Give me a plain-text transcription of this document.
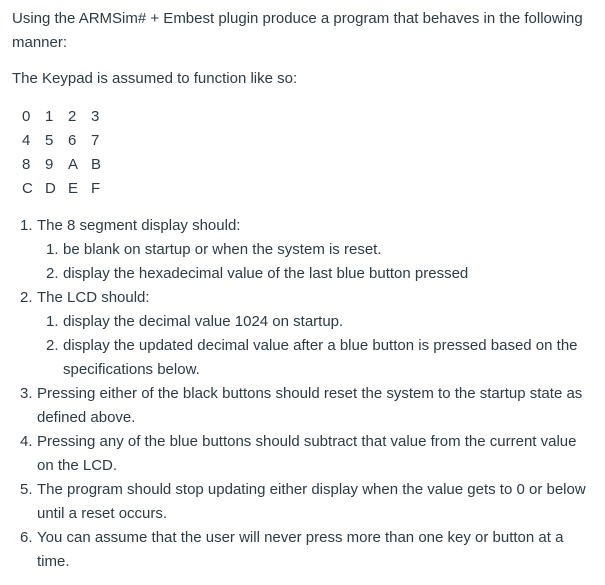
Using the ARMSim# + Embest plugin produce a program that behaves in the following manner:

The Keypad is assumed to function like so:

0 1 2 3
4 5 6 7
8 9 A B
C D E F
1. The 8 segment display should:
1. be blank on startup or when the system is reset.
2. display the hexadecimal value of the last blue button pressed
2. The LCD should:
1. display the decimal value 1024 on startup.
2. display the updated decimal value after a blue button is pressed based on the specifications below.
3. Pressing either of the black buttons should reset the system to the startup state as defined above.
4. Pressing any of the blue buttons should subtract that value from the current value on the LCD.
5. The program should stop updating either display when the value gets to 0 or below until a reset occurs.
6. You can assume that the user will never press more than one key or button at a time.
